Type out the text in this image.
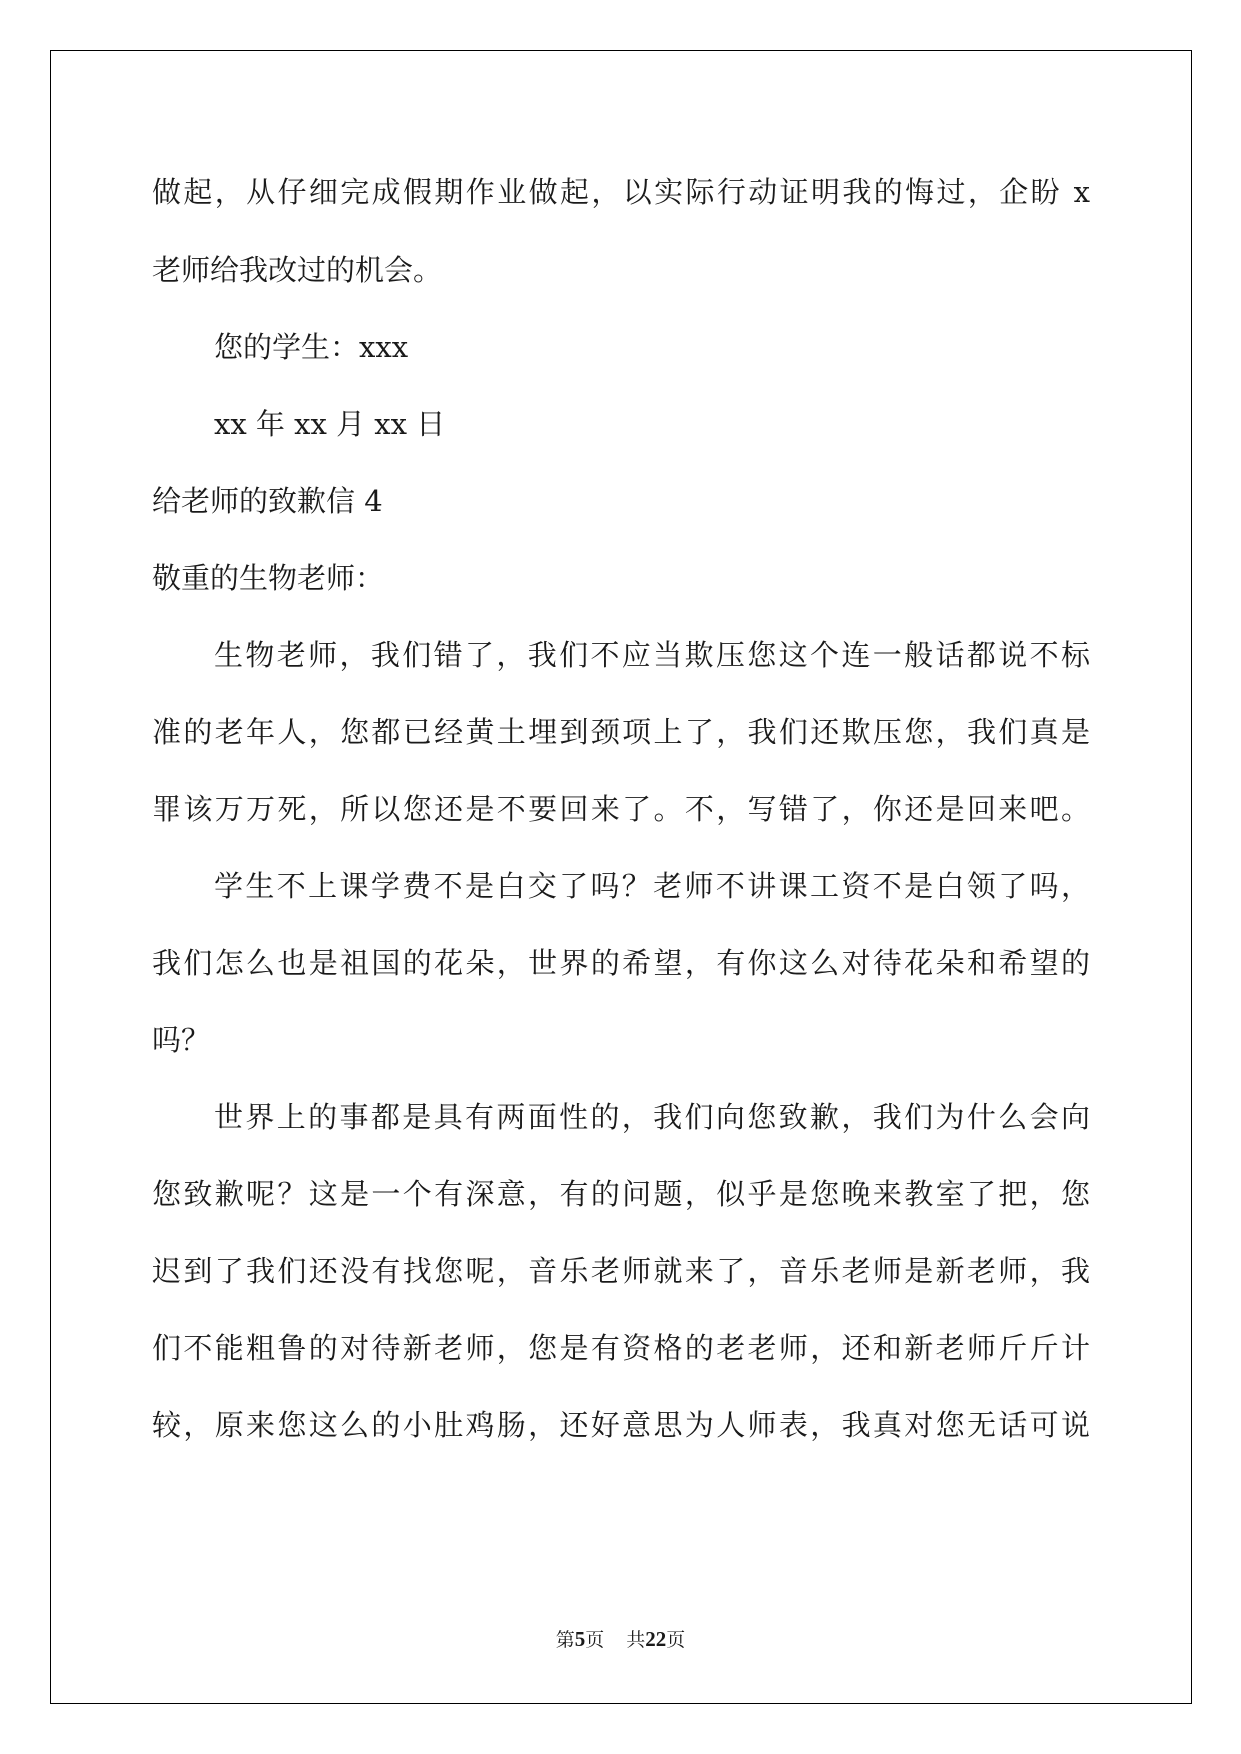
做起，从仔细完成假期作业做起，以实际行动证明我的悔过，企盼 x
老师给我改过的机会。
您的学生：xxx
xx 年 xx 月 xx 日
给老师的致歉信 4
敬重的生物老师：
生物老师，我们错了，我们不应当欺压您这个连一般话都说不标
准的老年人，您都已经黄土埋到颈项上了，我们还欺压您，我们真是
罪该万万死，所以您还是不要回来了。不，写错了，你还是回来吧。
学生不上课学费不是白交了吗？老师不讲课工资不是白领了吗，
我们怎么也是祖国的花朵，世界的希望，有你这么对待花朵和希望的
吗？
世界上的事都是具有两面性的，我们向您致歉，我们为什么会向
您致歉呢？这是一个有深意，有的问题，似乎是您晚来教室了把，您
迟到了我们还没有找您呢，音乐老师就来了，音乐老师是新老师，我
们不能粗鲁的对待新老师，您是有资格的老老师，还和新老师斤斤计
较，原来您这么的小肚鸡肠，还好意思为人师表，我真对您无话可说
第5页 共22页
